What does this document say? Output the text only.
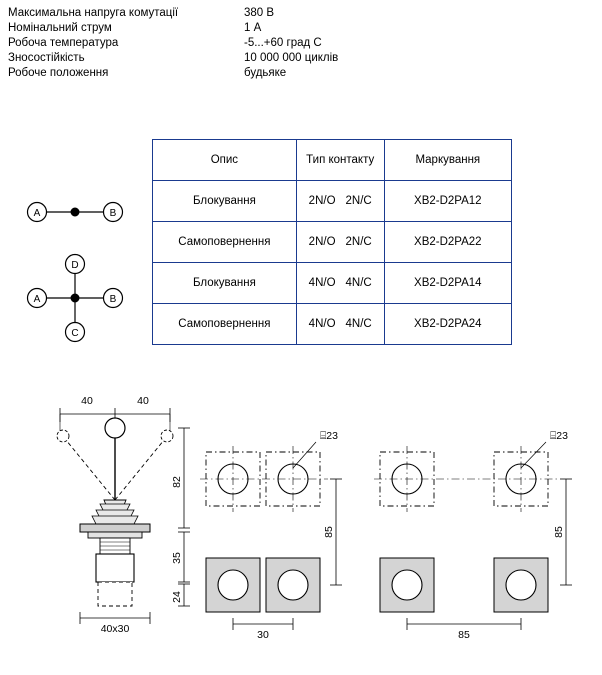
Максимальна напруга комутації	380 В
Номінальний струм	1 А
Робоча температура	-5...+60 град С
Зносостійкість	10 000 000 циклів
Робоче положення	будьяке
Опис	Тип контакту	Маркування
Блокування	2N/O 2N/C	XB2-D2PA12
Самоповернення	2N/O 2N/C	XB2-D2PA22
Блокування	4N/O 4N/C	XB2-D2PA14
Самоповернення	4N/O 4N/C	XB2-D2PA24
A	B
D
A	B
C
40	40
82
35
24
40x30
⌸23
85
30
⌸23
85
85
